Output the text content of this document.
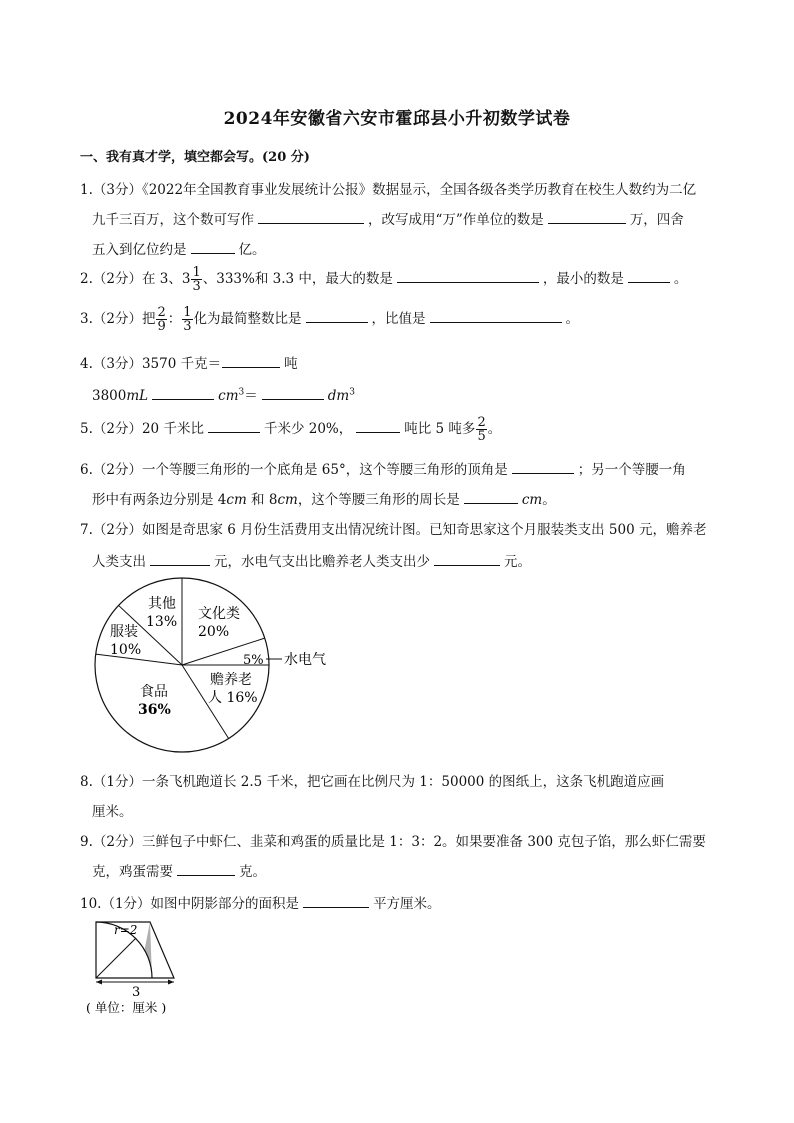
2024年安徽省六安市霍邱县小升初数学试卷
一、我有真才学，填空都会写。(20 分)
1.（3分）《2022年全国教育事业发展统计公报》数据显示，全国各级各类学历教育在校生人数约为二亿
九千三百万，这个数可写作	，改写成用“万”作单位的数是	万，四舍
五入到亿位约是	亿。
2.（2分）在 3、$3 \frac{1}{3}$ 、333%和 3.3 中，最大的数是	，最小的数是	。
3.（2分）把 $\frac{2}{9}$ ： $\frac{1}{3}$ 化为最简整数比是	，比值是	。
4.（3分）3570 千克＝	吨
3800mL	$cm^3=$	$dm^3$
5.（2分）20 千米比	千米少 20%，	吨比 5 吨多 $\frac{2}{5}$ 。
6.（2分）一个等腰三角形的一个底角是 65°，这个等腰三角形的顶角是	；另一个等腰一角
形中有两条边分别是 4cm 和 8cm，这个等腰三角形的周长是	cm。
7.（2分）如图是奇思家 6 月份生活费用支出情况统计图。已知奇思家这个月服装类支出 500 元，赡养老
人类支出	元，水电气支出比赡养老人类支出少	元。
其他
13% 文化类
20%
服装
10%
5% 水电气
赡养老
人 16%
食品
36%
8.（1分）一条飞机跑道长 2.5 千米，把它画在比例尺为 1：50000 的图纸上，这条飞机跑道应画
厘米。
9.（2分）三鲜包子中虾仁、韭菜和鸡蛋的质量比是 1：3：2。如果要准备 300 克包子馅，那么虾仁需要
克，鸡蛋需要	克。
10.（1分）如图中阴影部分的面积是	平方厘米。
r=2
3
( 单位：厘米 )
